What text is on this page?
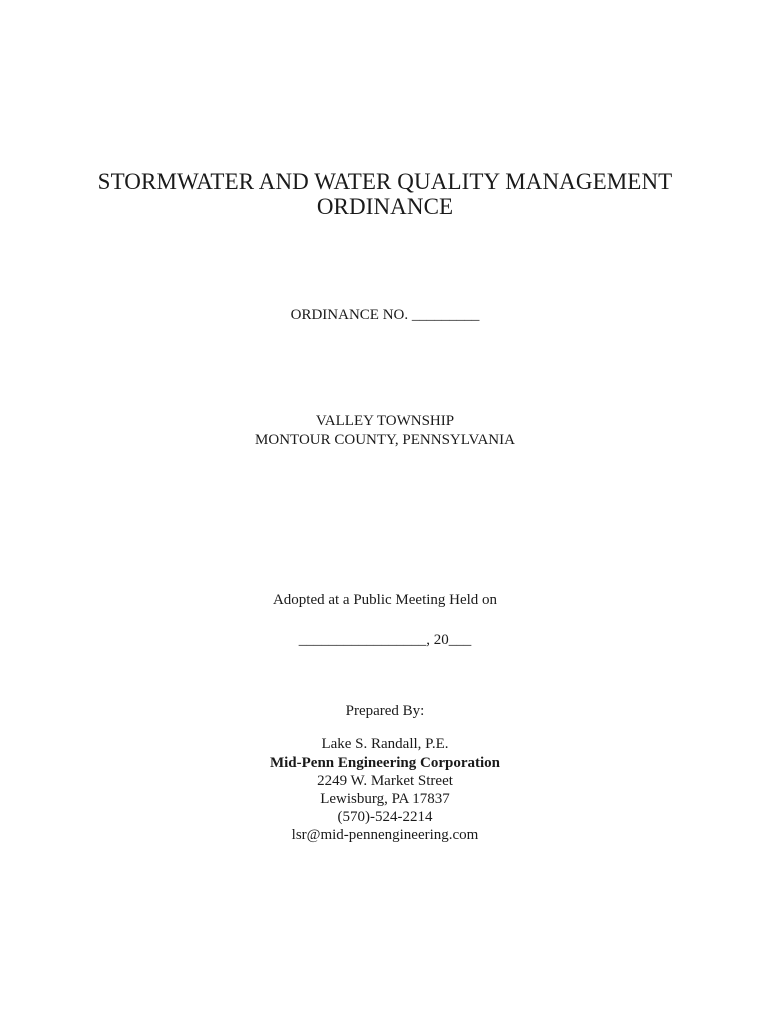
STORMWATER AND WATER QUALITY MANAGEMENT
ORDINANCE
ORDINANCE NO. _________
VALLEY TOWNSHIP
MONTOUR COUNTY, PENNSYLVANIA
Adopted at a Public Meeting Held on
_________________, 20___
Prepared By:
Lake S. Randall, P.E.
Mid-Penn Engineering Corporation
2249 W. Market Street
Lewisburg, PA 17837
(570)-524-2214
lsr@mid-pennengineering.com
